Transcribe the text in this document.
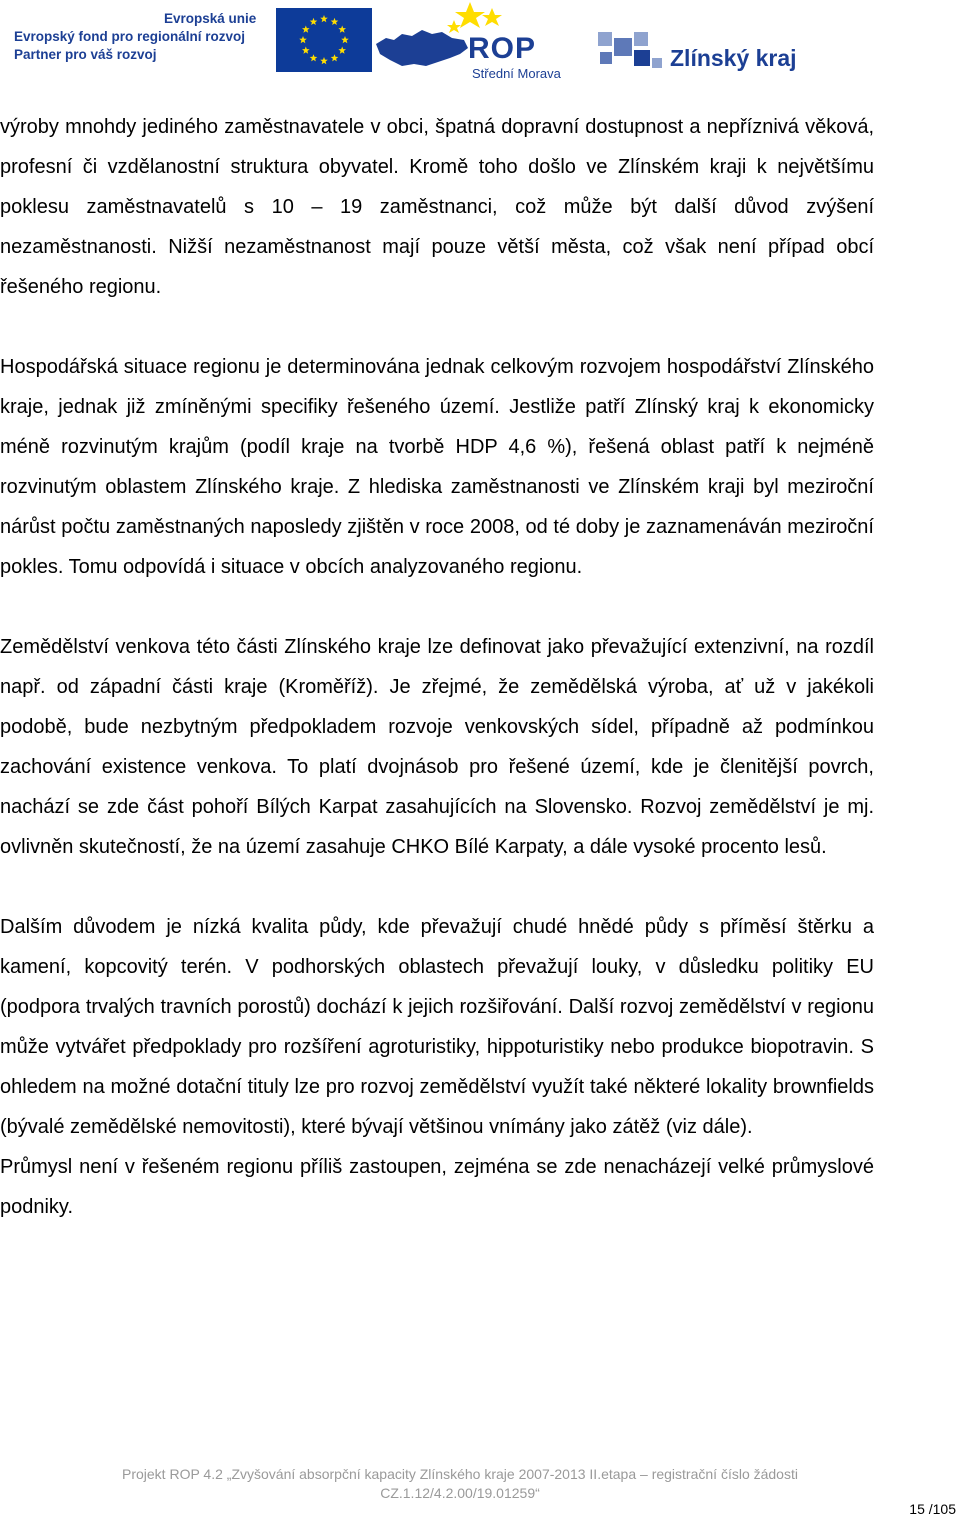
Evropská unie
Evropský fond pro regionální rozvoj
Partner pro váš rozvoj	ROP
Střední Morava
Zlínský kraj

výroby mnohdy jediného zaměstnavatele v obci, špatná dopravní dostupnost a nepříznivá věková, profesní či vzdělanostní struktura obyvatel. Kromě toho došlo ve Zlínském kraji k největšímu poklesu zaměstnavatelů s 10 – 19 zaměstnanci, což může být další důvod zvýšení nezaměstnanosti. Nižší nezaměstnanost mají pouze větší města, což však není případ obcí řešeného regionu.

Hospodářská situace regionu je determinována jednak celkovým rozvojem hospodářství Zlínského kraje, jednak již zmíněnými specifiky řešeného území. Jestliže patří Zlínský kraj k ekonomicky méně rozvinutým krajům (podíl kraje na tvorbě HDP 4,6 %), řešená oblast patří k nejméně rozvinutým oblastem Zlínského kraje. Z hlediska zaměstnanosti ve Zlínském kraji byl meziroční nárůst počtu zaměstnaných naposledy zjištěn v roce 2008, od té doby je zaznamenáván meziroční pokles. Tomu odpovídá i situace v obcích analyzovaného regionu.

Zemědělství venkova této části Zlínského kraje lze definovat jako převažující extenzivní, na rozdíl např. od západní části kraje (Kroměříž). Je zřejmé, že zemědělská výroba, ať už v jakékoli podobě, bude nezbytným předpokladem rozvoje venkovských sídel, případně až podmínkou zachování existence venkova. To platí dvojnásob pro řešené území, kde je členitější povrch, nachází se zde část pohoří Bílých Karpat zasahujících na Slovensko. Rozvoj zemědělství je mj. ovlivněn skutečností, že na území zasahuje CHKO Bílé Karpaty, a dále vysoké procento lesů.

Dalším důvodem je nízká kvalita půdy, kde převažují chudé hnědé půdy s příměsí štěrku a kamení, kopcovitý terén. V podhorských oblastech převažují louky, v důsledku politiky EU (podpora trvalých travních porostů) dochází k jejich rozšiřování. Další rozvoj zemědělství v regionu může vytvářet předpoklady pro rozšíření agroturistiky, hippoturistiky nebo produkce biopotravin. S ohledem na možné dotační tituly lze pro rozvoj zemědělství využít také některé lokality brownfields (bývalé zemědělské nemovitosti), které bývají většinou vnímány jako zátěž (viz dále).

Průmysl není v řešeném regionu příliš zastoupen, zejména se zde nenacházejí velké průmyslové podniky.

Projekt ROP 4.2 „Zvyšování absorpční kapacity Zlínského kraje 2007-2013 II.etapa – registrační číslo žádosti
CZ.1.12/4.2.00/19.01259“
15 /105
